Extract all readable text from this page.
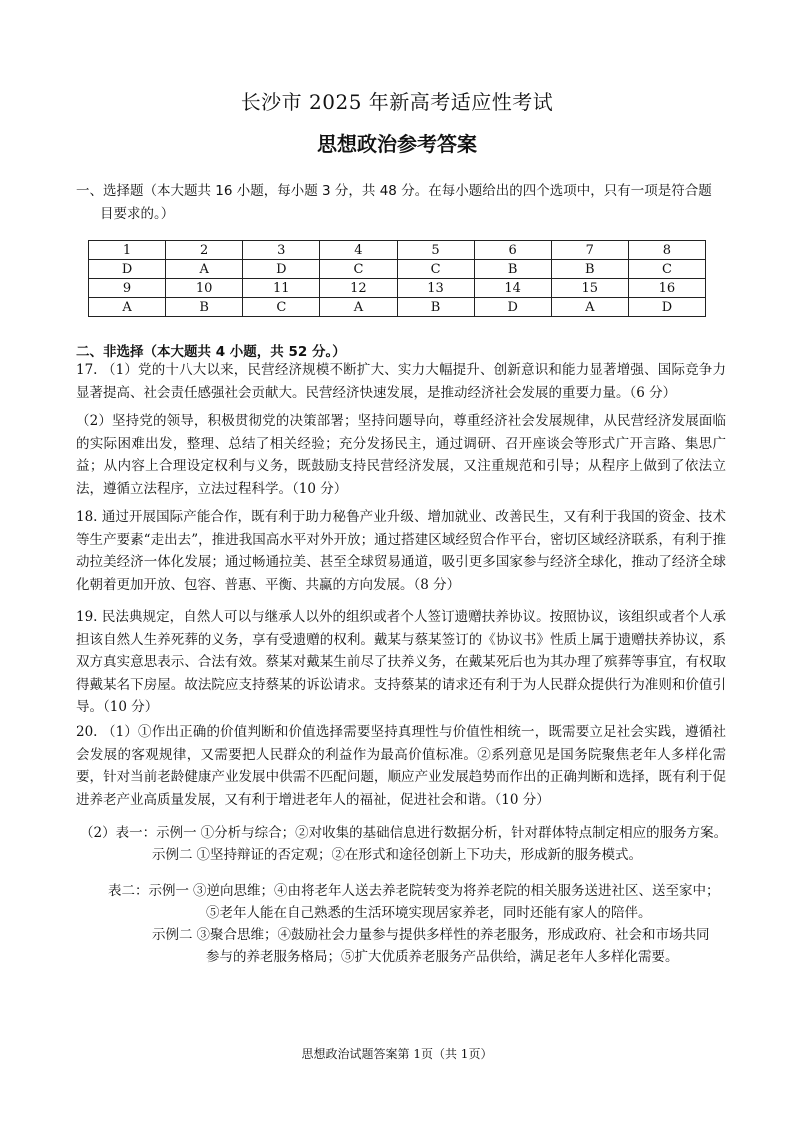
长沙市 2025 年新高考适应性考试
思想政治参考答案
一、选择题（本大题共 16 小题，每小题 3 分，共 48 分。在每小题给出的四个选项中，只有一项是符合题
目要求的。）
1	2	3	4	5	6	7	8
D	A	D	C	C	B	B	C
9	10	11	12	13	14	15	16
A	B	C	A	B	D	A	D
二、非选择（本大题共 4 小题，共 52 分。）
17. （1）党的十八大以来，民营经济规模不断扩大、实力大幅提升、创新意识和能力显著增强、国际竞争力显著提高、社会责任感强社会贡献大。民营经济快速发展，是推动经济社会发展的重要力量。（6 分）
（2）坚持党的领导，积极贯彻党的决策部署；坚持问题导向，尊重经济社会发展规律，从民营经济发展面临的实际困难出发，整理、总结了相关经验；充分发扬民主，通过调研、召开座谈会等形式广开言路、集思广益；从内容上合理设定权利与义务，既鼓励支持民营经济发展，又注重规范和引导；从程序上做到了依法立法，遵循立法程序，立法过程科学。（10 分）
18. 通过开展国际产能合作，既有利于助力秘鲁产业升级、增加就业、改善民生，又有利于我国的资金、技术等生产要素“走出去”，推进我国高水平对外开放；通过搭建区域经贸合作平台，密切区域经济联系，有利于推动拉美经济一体化发展；通过畅通拉美、甚至全球贸易通道，吸引更多国家参与经济全球化，推动了经济全球化朝着更加开放、包容、普惠、平衡、共赢的方向发展。（8 分）
19. 民法典规定，自然人可以与继承人以外的组织或者个人签订遗赠扶养协议。按照协议，该组织或者个人承担该自然人生养死葬的义务，享有受遗赠的权利。戴某与蔡某签订的《协议书》性质上属于遗赠扶养协议，系双方真实意思表示、合法有效。蔡某对戴某生前尽了扶养义务，在戴某死后也为其办理了殡葬等事宜，有权取得戴某名下房屋。故法院应支持蔡某的诉讼请求。支持蔡某的请求还有利于为人民群众提供行为准则和价值引导。（10 分）
20. （1）①作出正确的价值判断和价值选择需要坚持真理性与价值性相统一，既需要立足社会实践，遵循社会发展的客观规律，又需要把人民群众的利益作为最高价值标准。②系列意见是国务院聚焦老年人多样化需要，针对当前老龄健康产业发展中供需不匹配问题，顺应产业发展趋势而作出的正确判断和选择，既有利于促进养老产业高质量发展，又有利于增进老年人的福祉，促进社会和谐。（10 分）
（2）表一： 示例一 ①分析与综合；②对收集的基础信息进行数据分析，针对群体特点制定相应的服务方案。
示例二 ①坚持辩证的否定观；②在形式和途径创新上下功夫，形成新的服务模式。
表二： 示例一 ③逆向思维；④由将老年人送去养老院转变为将养老院的相关服务送进社区、送至家中；
⑤老年人能在自己熟悉的生活环境实现居家养老，同时还能有家人的陪伴。
示例二 ③聚合思维；④鼓励社会力量参与提供多样性的养老服务，形成政府、社会和市场共同
参与的养老服务格局；⑤扩大优质养老服务产品供给，满足老年人多样化需要。
思想政治试题答案第 1页（共 1页）
